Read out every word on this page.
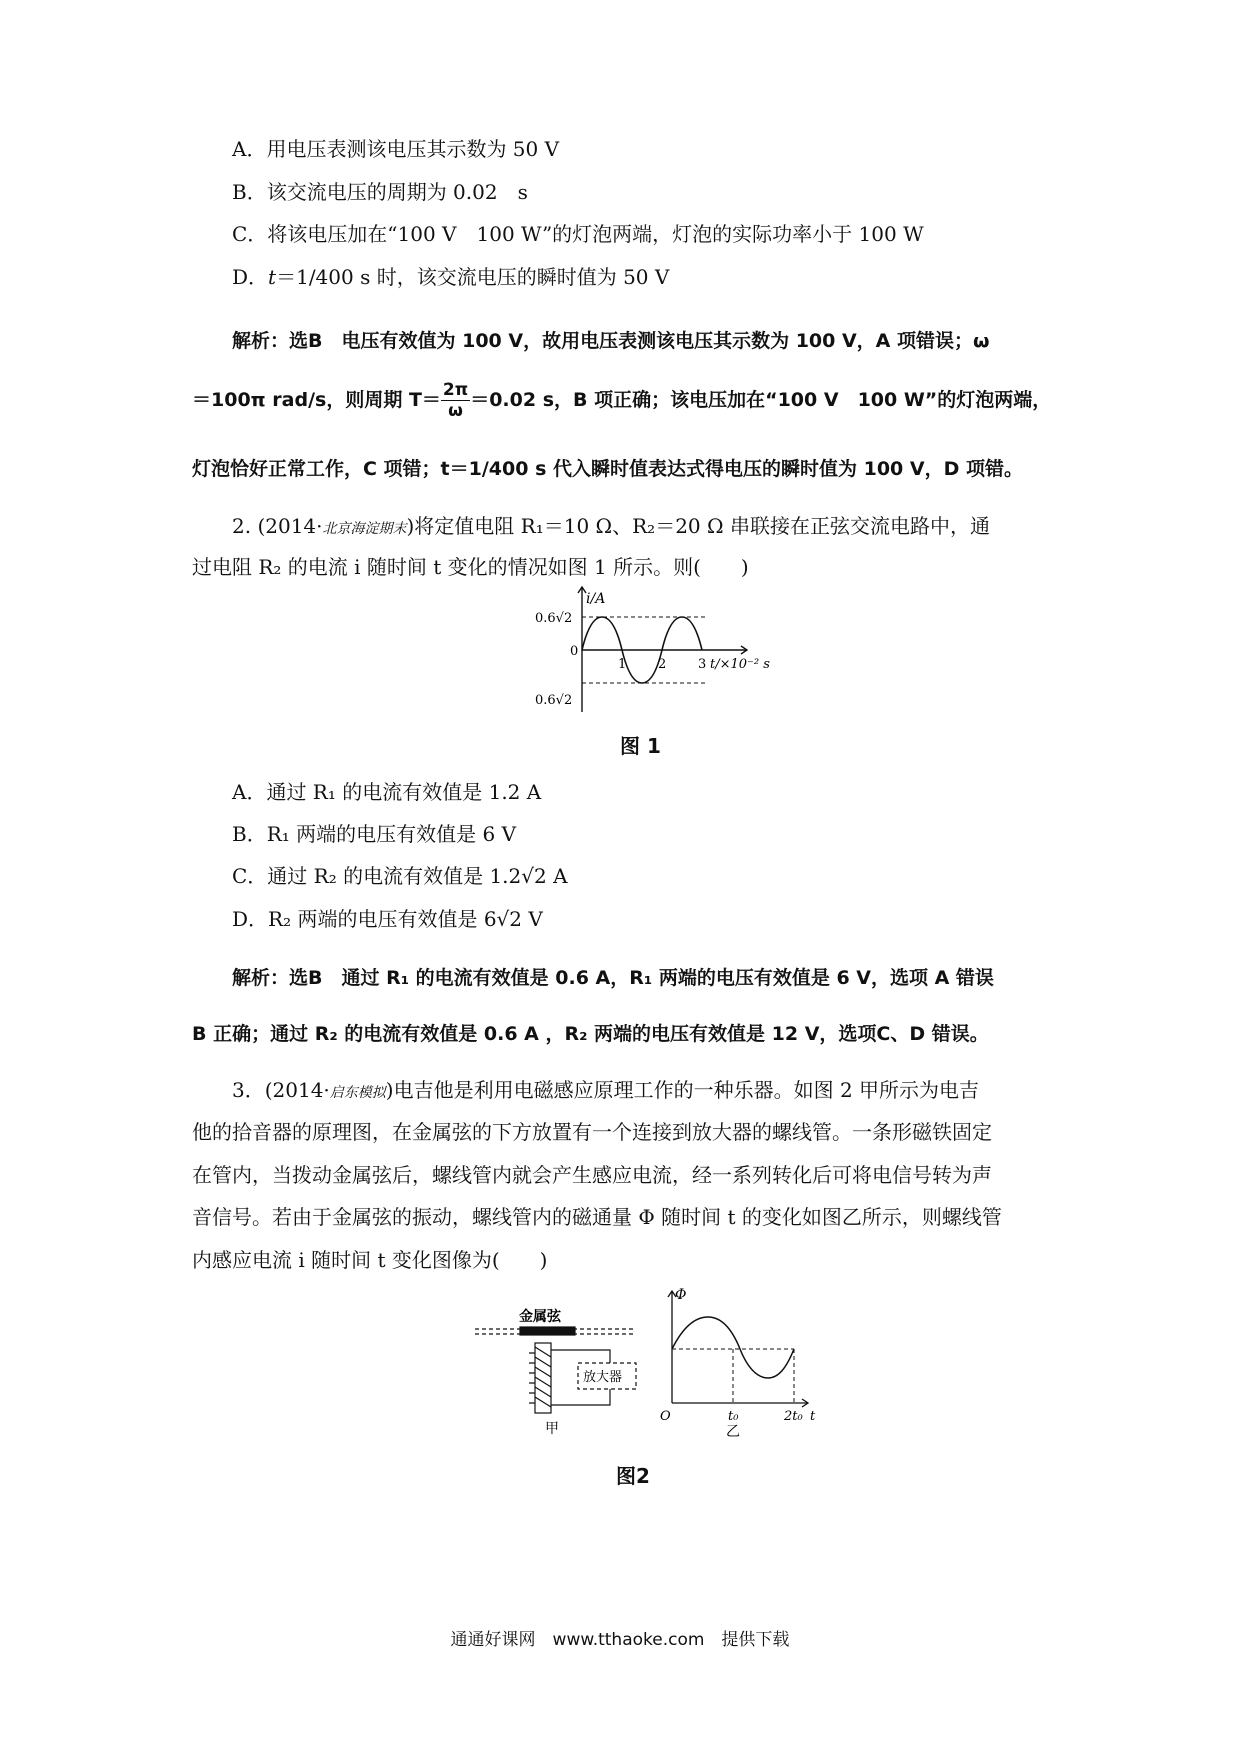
A．用电压表测该电压其示数为 50 V
B．该交流电压的周期为 0.02　s
C．将该电压加在“100 V　100 W”的灯泡两端，灯泡的实际功率小于 100 W
D．t＝1/400 s 时，该交流电压的瞬时值为 50 V
解析：选B　电压有效值为 100 V，故用电压表测该电压其示数为 100 V，A 项错误；ω
＝100π rad/s，则周期 $T= \frac{2\pi}{\omega} =0.02$ s，B 项正确；该电压加在“100 V　100 W”的灯泡两端，
灯泡恰好正常工作，C 项错；t＝1/400 s 代入瞬时值表达式得电压的瞬时值为 100 V，D 项错。
2. (2014·北京海淀期末)将定值电阻 R₁＝10 Ω、R₂＝20 Ω 串联接在正弦交流电路中，通
过电阻 R₂ 的电流 i 随时间 t 变化的情况如图 1 所示。则(　　)
i/A
0.6√2
0
0.6√2
1 2 3 t/×10⁻² s
图 1
A．通过 R₁ 的电流有效值是 1.2 A
B．R₁ 两端的电压有效值是 6 V
C．通过 R₂ 的电流有效值是 1.2√2 A
D．R₂ 两端的电压有效值是 6√2 V
解析：选B　通过 R₁ 的电流有效值是 0.6 A，R₁ 两端的电压有效值是 6 V，选项 A 错误
B 正确；通过 R₂ 的电流有效值是 0.6 A ，R₂ 两端的电压有效值是 12 V，选项C、D 错误。
3．(2014·启东模拟)电吉他是利用电磁感应原理工作的一种乐器。如图 2 甲所示为电吉
他的拾音器的原理图，在金属弦的下方放置有一个连接到放大器的螺线管。一条形磁铁固定
在管内，当拨动金属弦后，螺线管内就会产生感应电流，经一系列转化后可将电信号转为声
音信号。若由于金属弦的振动，螺线管内的磁通量 Φ 随时间 t 的变化如图乙所示，则螺线管
内感应电流 i 随时间 t 变化图像为(　　)
金属弦
放大器
甲
Φ
O	t₀	2t₀ t
乙
图2
通通好课网　www.tthaoke.com　提供下载
